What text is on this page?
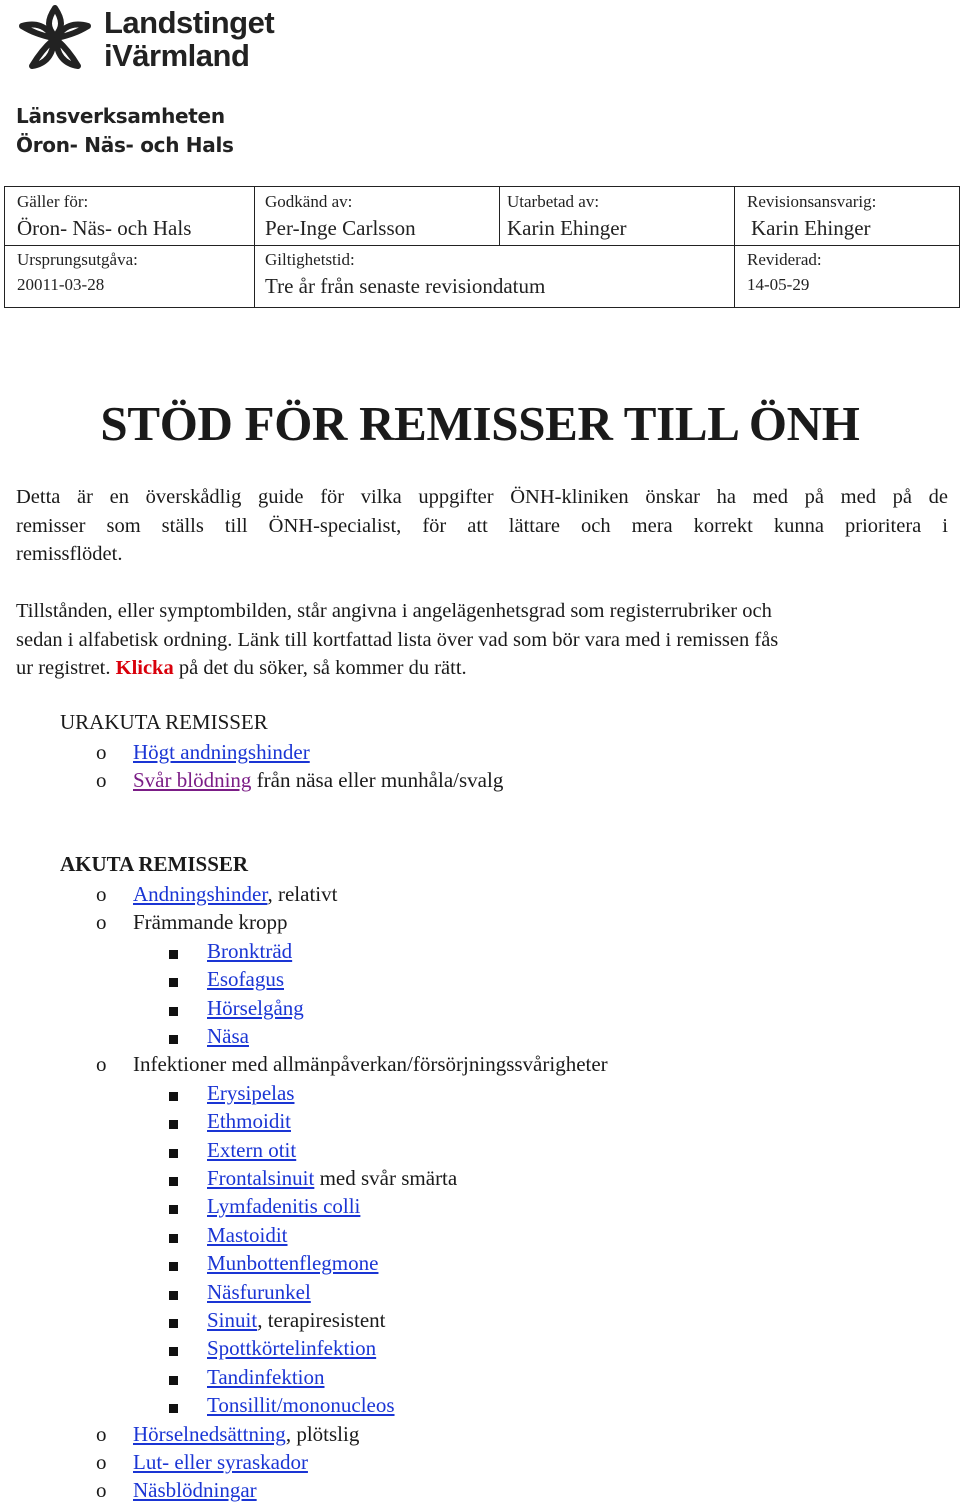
Landstinget
iVärmland
Länsverksamheten
Öron- Näs- och Hals
Gäller för:
Öron- Näs- och Hals
Godkänd av:
Per-Inge Carlsson
Utarbetad av:
Karin Ehinger
Revisionsansvarig:
Karin Ehinger
Ursprungsutgåva:
20011-03-28
Giltighetstid:
Tre år från senaste revisiondatum
Reviderad:
14-05-29
STÖD FÖR REMISSER TILL ÖNH
Detta är en överskådlig guide för vilka uppgifter ÖNH-kliniken önskar ha med på med på de
remisser som ställs till ÖNH-specialist, för att lättare och mera korrekt kunna prioritera i
remissflödet.
Tillstånden, eller symptombilden, står angivna i angelägenhetsgrad som registerrubriker och
sedan i alfabetisk ordning. Länk till kortfattad lista över vad som bör vara med i remissen fås
ur registret. Klicka på det du söker, så kommer du rätt.
URAKUTA REMISSER
o Högt andningshinder
o Svår blödning från näsa eller munhåla/svalg
AKUTA REMISSER
o Andningshinder, relativt
o Främmande kropp
Bronkträd
Esofagus
Hörselgång
Näsa
o Infektioner med allmänpåverkan/försörjningssvårigheter
Erysipelas
Ethmoidit
Extern otit
Frontalsinuit med svår smärta
Lymfadenitis colli
Mastoidit
Munbottenflegmone
Näsfurunkel
Sinuit, terapiresistent
Spottkörtelinfektion
Tandinfektion
Tonsillit/mononucleos
o Hörselnedsättning, plötslig
o Lut- eller syraskador
o Näsblödningar
